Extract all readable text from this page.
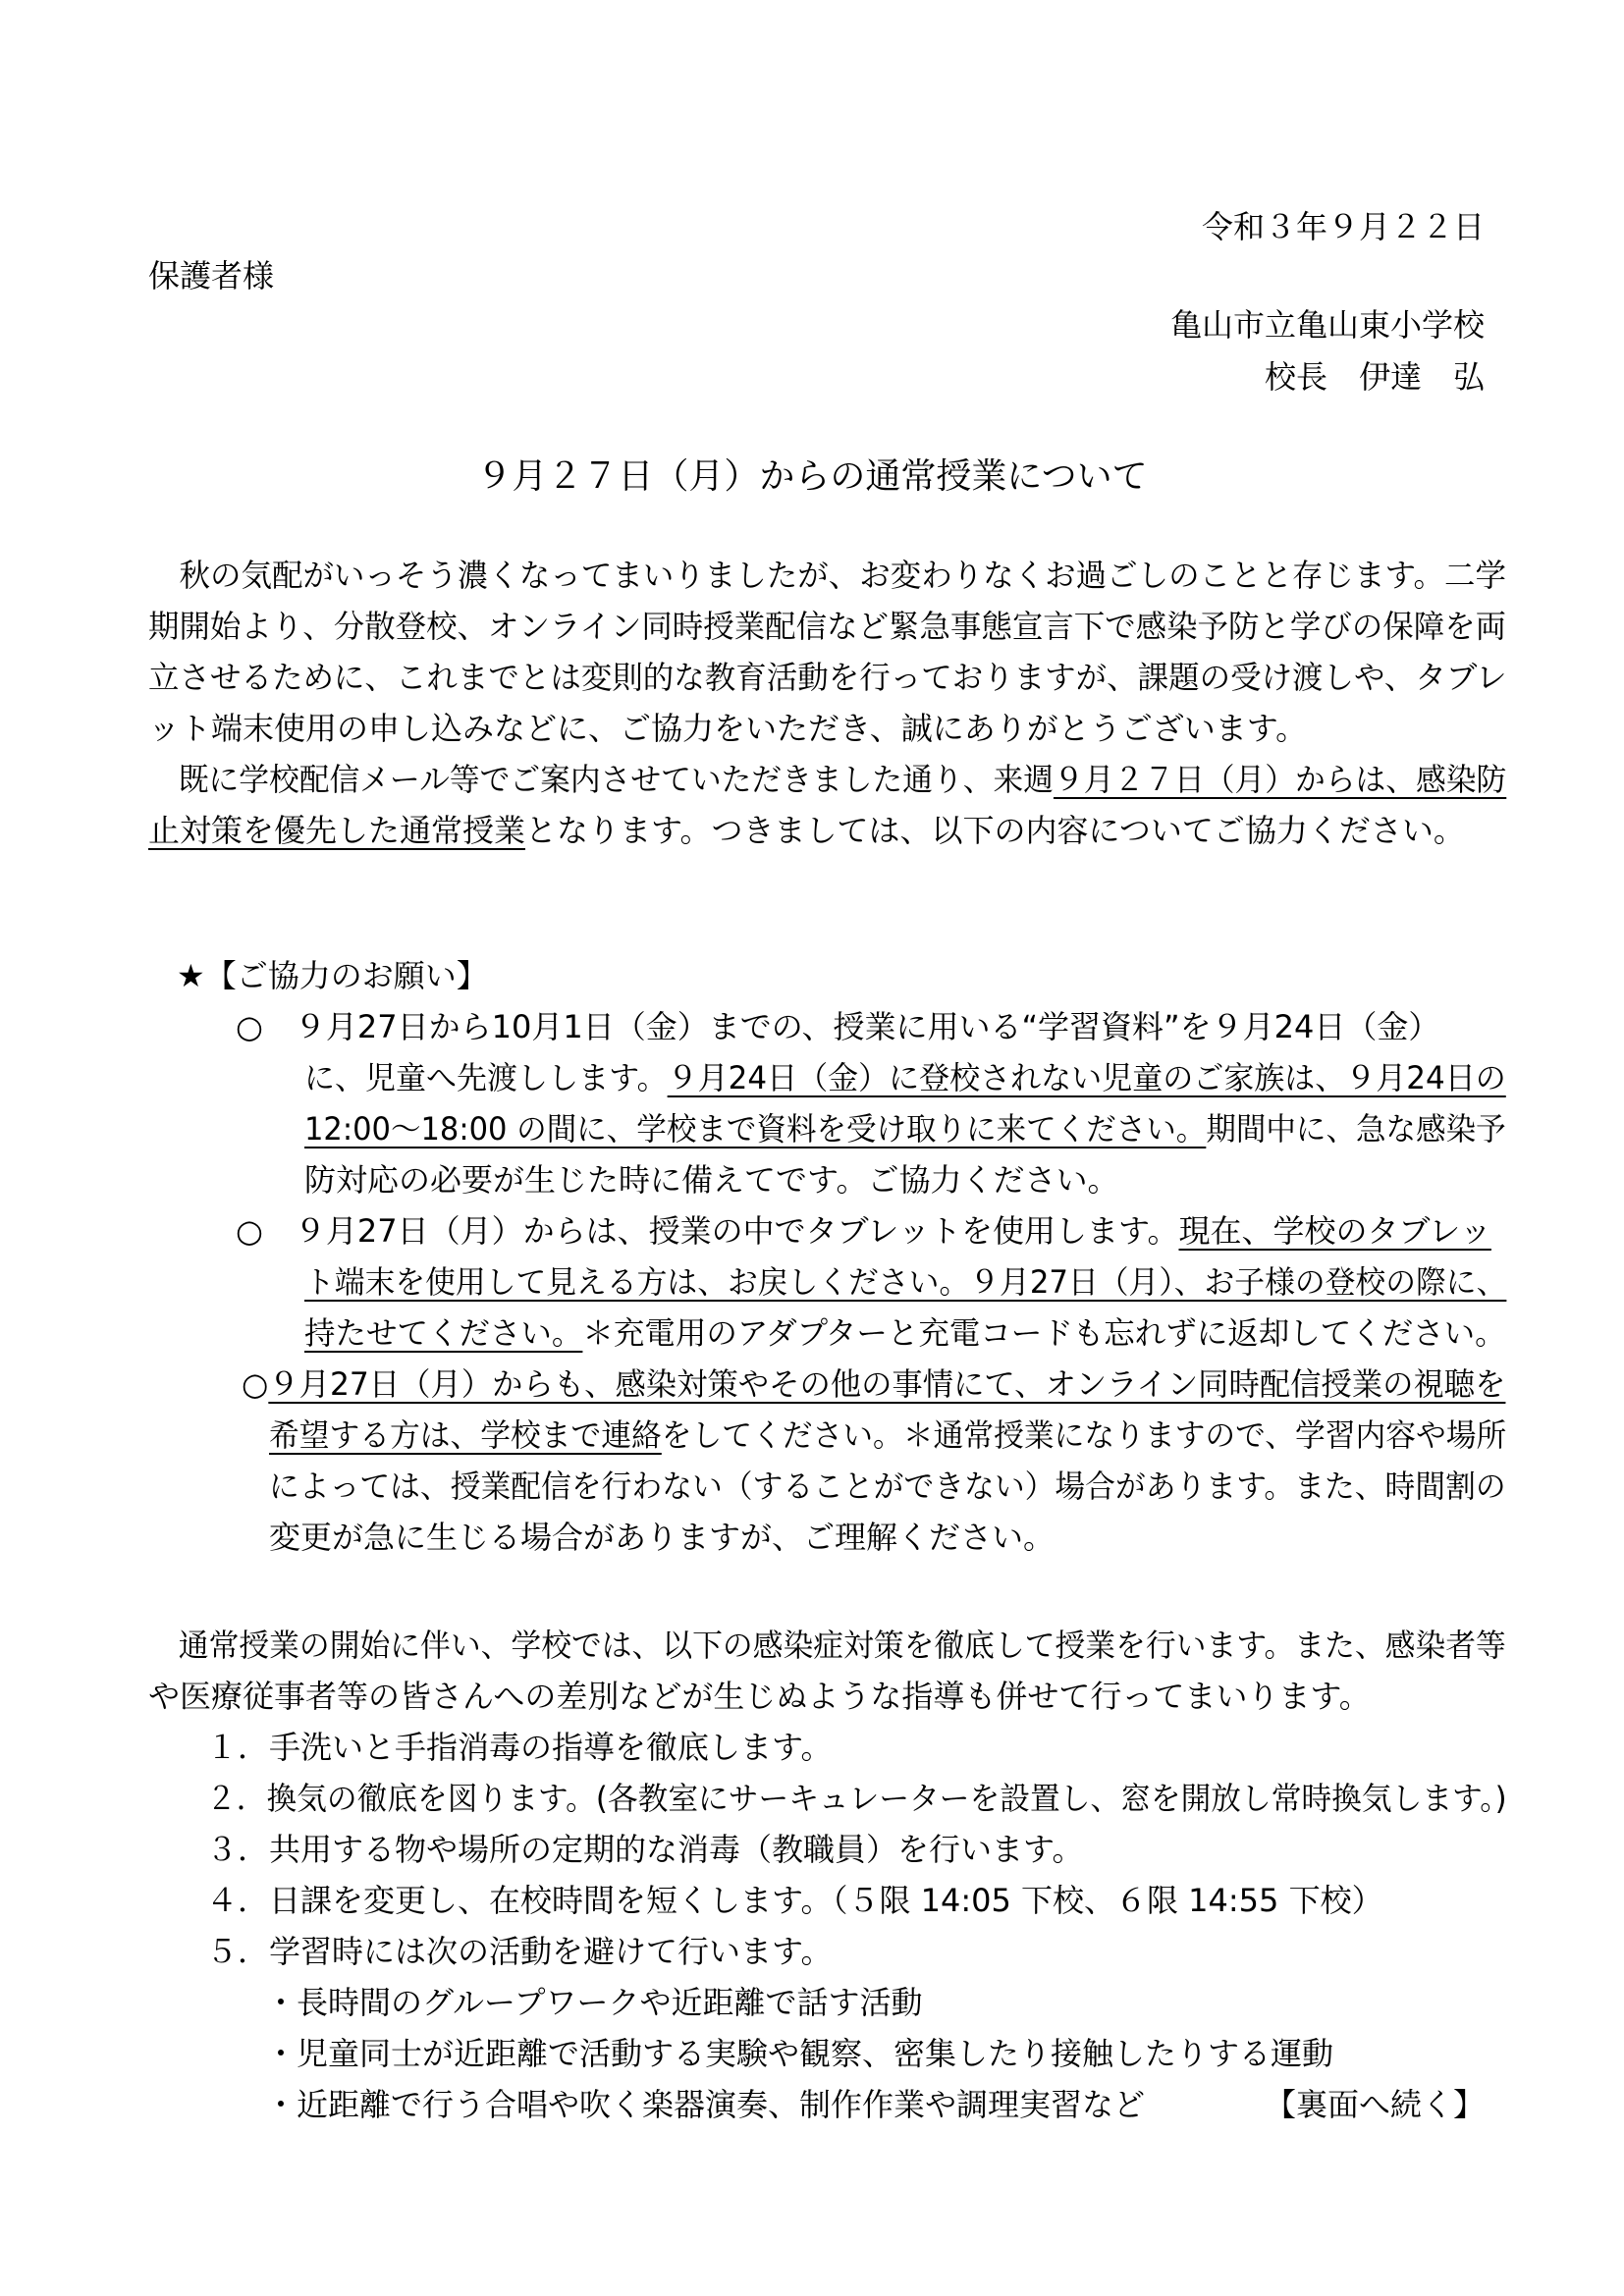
令和３年９月２２日
保護者様
亀山市立亀山東小学校
校長　伊達　弘
９月２７日（月）からの通常授業について
　秋の気配がいっそう濃くなってまいりましたが、お変わりなくお過ごしのことと存じます。二学
期開始より、分散登校、オンライン同時授業配信など緊急事態宣言下で感染予防と学びの保障を両
立させるために、これまでとは変則的な教育活動を行っておりますが、課題の受け渡しや、タブレ
ット端末使用の申し込みなどに、ご協力をいただき、誠にありがとうございます。
　既に学校配信メール等でご案内させていただきました通り、来週９月２７日（月）からは、感染防
止対策を優先した通常授業となります。つきましては、以下の内容についてご協力ください。
★【ご協力のお願い】
○　９月27日から10月1日（金）までの、授業に用いる“学習資料”を９月24日（金）
に、児童へ先渡しします。９月24日（金）に登校されない児童のご家族は、９月24日の
12:00～18:00 の間に、学校まで資料を受け取りに来てください。期間中に、急な感染予
防対応の必要が生じた時に備えてです。ご協力ください。
○　９月27日（月）からは、授業の中でタブレットを使用します。現在、学校のタブレッ
ト端末を使用して見える方は、お戻しください。９月27日（月）、お子様の登校の際に、
持たせてください。＊充電用のアダプターと充電コードも忘れずに返却してください。
○９月27日（月）からも、感染対策やその他の事情にて、オンライン同時配信授業の視聴を
希望する方は、学校まで連絡をしてください。＊通常授業になりますので、学習内容や場所
によっては、授業配信を行わない（することができない）場合があります。また、時間割の
変更が急に生じる場合がありますが、ご理解ください。
　通常授業の開始に伴い、学校では、以下の感染症対策を徹底して授業を行います。また、感染者等
や医療従事者等の皆さんへの差別などが生じぬような指導も併せて行ってまいります。
１．手洗いと手指消毒の指導を徹底します。
２．換気の徹底を図ります。(各教室にサーキュレーターを設置し、窓を開放し常時換気します。)
３．共用する物や場所の定期的な消毒（教職員）を行います。
４．日課を変更し、在校時間を短くします。（５限 14:05 下校、６限 14:55 下校）
５．学習時には次の活動を避けて行います。
・長時間のグループワークや近距離で話す活動
・児童同士が近距離で活動する実験や観察、密集したり接触したりする運動
・近距離で行う合唱や吹く楽器演奏、制作作業や調理実習など	【裏面へ続く】
